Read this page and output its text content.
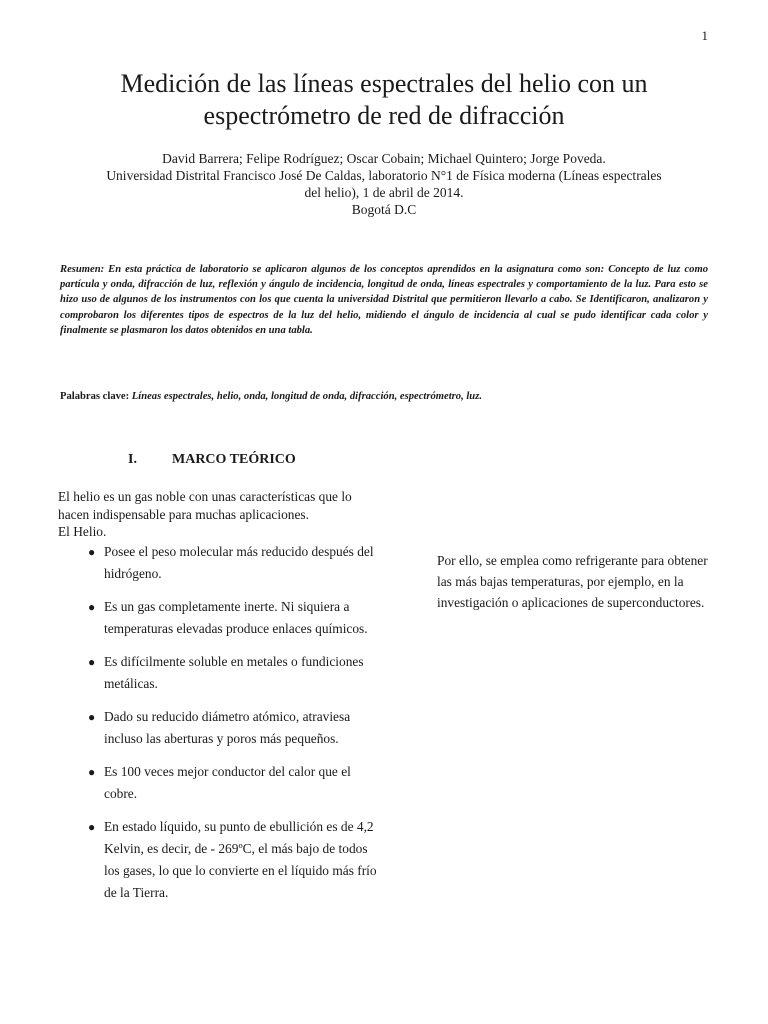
1
Medición de las líneas espectrales del helio con un espectrómetro de red de difracción
David Barrera; Felipe Rodríguez; Oscar Cobain; Michael Quintero; Jorge Poveda.
Universidad Distrital Francisco José De Caldas, laboratorio N°1 de Física moderna (Líneas espectrales del helio), 1 de abril de 2014.
Bogotá D.C

Resumen: En esta práctica de laboratorio se aplicaron algunos de los conceptos aprendidos en la asignatura como son: Concepto de luz como partícula y onda, difracción de luz, reflexión y ángulo de incidencia, longitud de onda, líneas espectrales y comportamiento de la luz. Para esto se hizo uso de algunos de los instrumentos con los que cuenta la universidad Distrital que permitieron llevarlo a cabo. Se Identificaron, analizaron y comprobaron los diferentes tipos de espectros de la luz del helio, midiendo el ángulo de incidencia al cual se pudo identificar cada color y finalmente se plasmaron los datos obtenidos en una tabla.

Palabras clave: Líneas espectrales, helio, onda, longitud de onda, difracción, espectrómetro, luz.

I.	MARCO TEÓRICO

El helio es un gas noble con unas características que lo hacen indispensable para muchas aplicaciones.
El Helio.

● Posee el peso molecular más reducido después del hidrógeno.
● Es un gas completamente inerte. Ni siquiera a temperaturas elevadas produce enlaces químicos.
● Es difícilmente soluble en metales o fundiciones metálicas.
● Dado su reducido diámetro atómico, atraviesa incluso las aberturas y poros más pequeños.
● Es 100 veces mejor conductor del calor que el cobre.
● En estado líquido, su punto de ebullición es de 4,2 Kelvin, es decir, de - 269ºC, el más bajo de todos los gases, lo que lo convierte en el líquido más frío de la Tierra.

Por ello, se emplea como refrigerante para obtener las más bajas temperaturas, por ejemplo, en la investigación o aplicaciones de superconductores.
